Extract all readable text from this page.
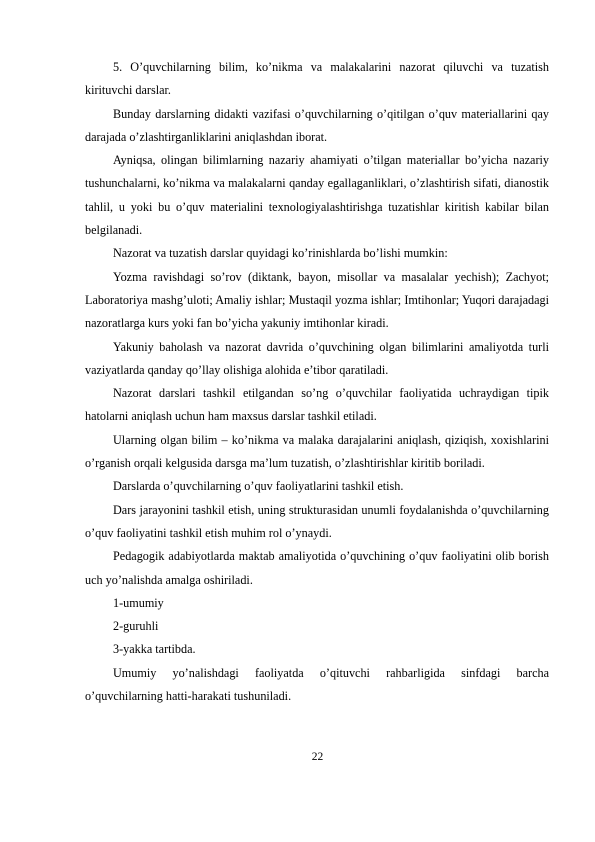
5. O’quvchilarning bilim, ko’nikma va malakalarini nazorat qiluvchi va tuzatish kirituvchi darslar.

Bunday darslarning didakti vazifasi o’quvchilarning o’qitilgan o’quv materiallarini qay darajada o’zlashtirganliklarini aniqlashdan iborat.

Ayniqsa, olingan bilimlarning nazariy ahamiyati o’tilgan materiallar bo’yicha nazariy tushunchalarni, ko’nikma va malakalarni qanday egallaganliklari, o’zlashtirish sifati, dianostik tahlil, u yoki bu o’quv materialini texnologiyalashtirishga tuzatishlar kiritish kabilar bilan belgilanadi.

Nazorat va tuzatish darslar quyidagi ko’rinishlarda bo’lishi mumkin:

Yozma ravishdagi so’rov (diktank, bayon, misollar va masalalar yechish); Zachyot; Laboratoriya mashg’uloti; Amaliy ishlar; Mustaqil yozma ishlar; Imtihonlar; Yuqori darajadagi nazoratlarga kurs yoki fan bo’yicha yakuniy imtihonlar kiradi.

Yakuniy baholash va nazorat davrida o’quvchining olgan bilimlarini amaliyotda turli vaziyatlarda qanday qo’llay olishiga alohida e’tibor qaratiladi.

Nazorat darslari tashkil etilgandan so’ng o’quvchilar faoliyatida uchraydigan tipik hatolarni aniqlash uchun ham maxsus darslar tashkil etiladi.

Ularning olgan bilim – ko’nikma va malaka darajalarini aniqlash, qiziqish, xoxishlarini o’rganish orqali kelgusida darsga ma’lum tuzatish, o’zlashtirishlar kiritib boriladi.

Darslarda o’quvchilarning o’quv faoliyatlarini tashkil etish.

Dars jarayonini tashkil etish, uning strukturasidan unumli foydalanishda o’quvchilarning o’quv faoliyatini tashkil etish muhim rol o’ynaydi.

Pedagogik adabiyotlarda maktab amaliyotida o’quvchining o’quv faoliyatini olib borish uch yo’nalishda amalga oshiriladi.

1-umumiy

2-guruhli

3-yakka tartibda.

Umumiy yo’nalishdagi faoliyatda o’qituvchi rahbarligida sinfdagi barcha o’quvchilarning hatti-harakati tushuniladi.

22
